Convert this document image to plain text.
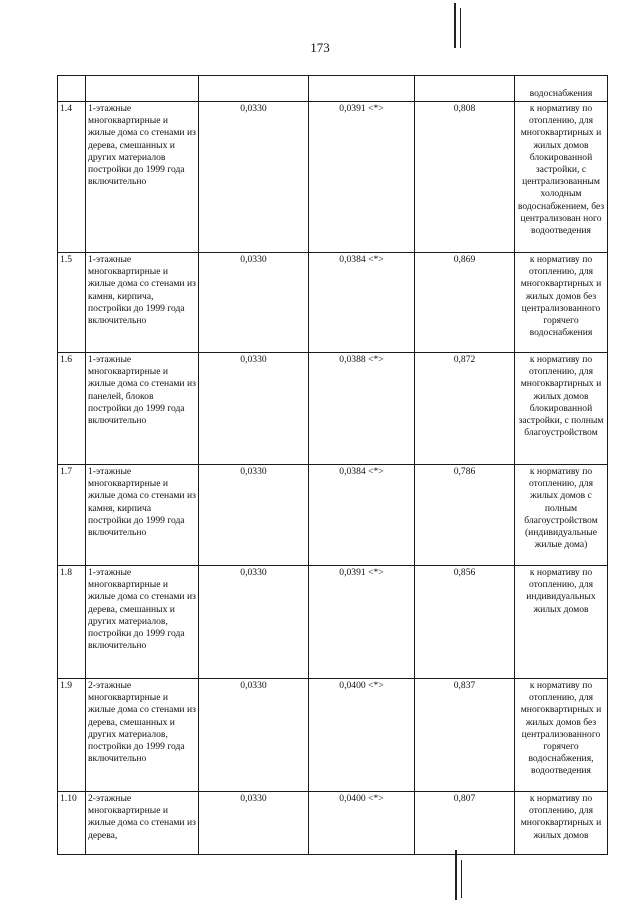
173
					водоснабжения
1.4	1-этажные многоквартирные и жилые дома со стенами из дерева, смешанных и других материалов постройки до 1999 года включительно	0,0330	0,0391 <*>	0,808	к нормативу по отоплению, для многоквартирных и жилых домов блокированной застройки, с централизованным холодным водоснабжением, без централизован ного водоотведения
1.5	1-этажные многоквартирные и жилые дома со стенами из камня, кирпича, постройки до 1999 года включительно	0,0330	0,0384 <*>	0,869	к нормативу по отоплению, для многоквартирных и жилых домов без централизованного горячего водоснабжения
1.6	1-этажные многоквартирные и жилые дома со стенами из панелей, блоков постройки до 1999 года включительно	0,0330	0,0388 <*>	0,872	к нормативу по отоплению, для многоквартирных и жилых домов блокированной застройки, с полным благоустройством
1.7	1-этажные многоквартирные и жилые дома со стенами из камня, кирпича постройки до 1999 года включительно	0,0330	0,0384 <*>	0,786	к нормативу по отоплению, для жилых домов с полным благоустройством (индивидуальные жилые дома)
1.8	1-этажные многоквартирные и жилые дома со стенами из дерева, смешанных и других материалов, постройки до 1999 года включительно	0,0330	0,0391 <*>	0,856	к нормативу по отоплению, для индивидуальных жилых домов
1.9	2-этажные многоквартирные и жилые дома со стенами из дерева, смешанных и других материалов, постройки до 1999 года включительно	0,0330	0,0400 <*>	0,837	к нормативу по отоплению, для многоквартирных и жилых домов без централизованного горячего водоснабжения, водоотведения
1.10	2-этажные многоквартирные и жилые дома со стенами из дерева,	0,0330	0,0400 <*>	0,807	к нормативу по отоплению, для многоквартирных и жилых домов
